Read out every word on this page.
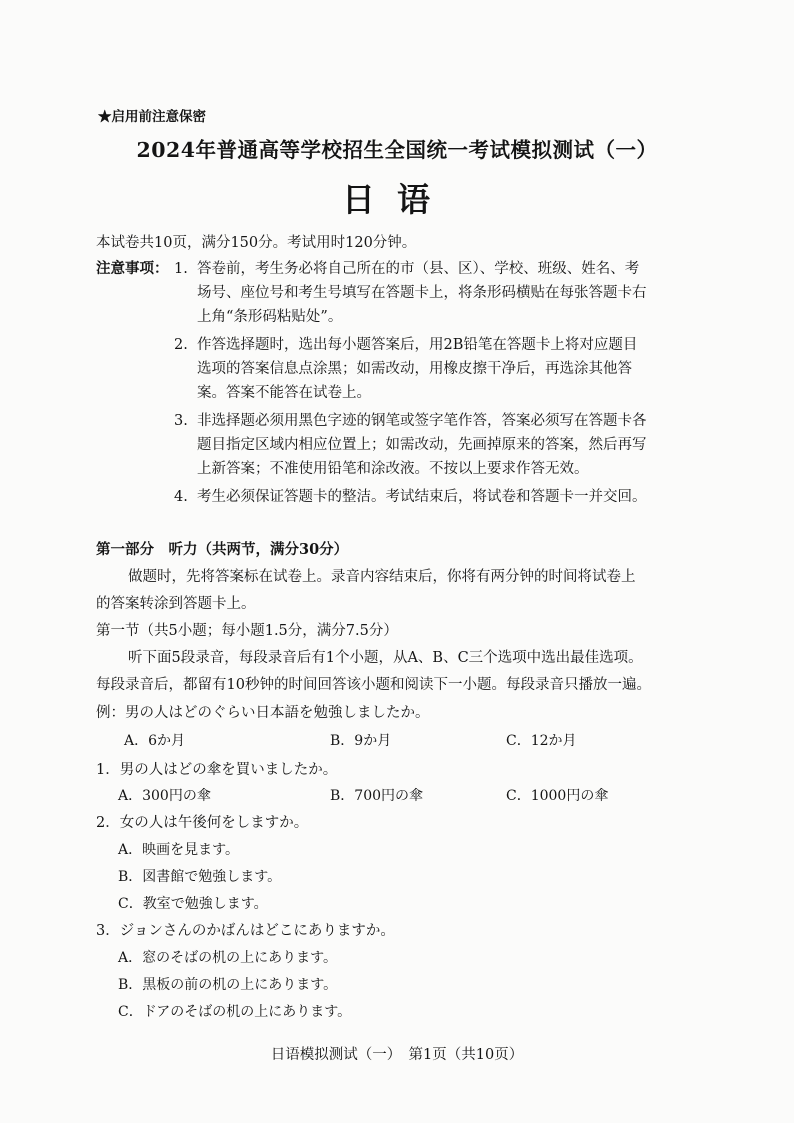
★启用前注意保密
2024年普通高等学校招生全国统一考试模拟测试（一）
日语
本试卷共10页，满分150分。考试用时120分钟。
注意事项： 1. 答卷前，考生务必将自己所在的市（县、区）、学校、班级、姓名、考
场号、座位号和考生号填写在答题卡上，将条形码横贴在每张答题卡右
上角“条形码粘贴处”。
2. 作答选择题时，选出每小题答案后，用2B铅笔在答题卡上将对应题目
选项的答案信息点涂黑；如需改动，用橡皮擦干净后，再选涂其他答
案。答案不能答在试卷上。
3. 非选择题必须用黑色字迹的钢笔或签字笔作答，答案必须写在答题卡各
题目指定区域内相应位置上；如需改动，先画掉原来的答案，然后再写
上新答案；不准使用铅笔和涂改液。不按以上要求作答无效。
4. 考生必须保证答题卡的整洁。考试结束后，将试卷和答题卡一并交回。
第一部分　听力（共两节，满分30分）
做题时，先将答案标在试卷上。录音内容结束后，你将有两分钟的时间将试卷上
的答案转涂到答题卡上。
第一节（共5小题；每小题1.5分，满分7.5分）
听下面5段录音，每段录音后有1个小题，从A、B、C三个选项中选出最佳选项。
每段录音后，都留有10秒钟的时间回答该小题和阅读下一小题。每段录音只播放一遍。
例：男の人はどのぐらい日本語を勉強しましたか。
A．6か月	B．9か月	C．12か月
1．男の人はどの傘を買いましたか。
A．300円の傘	B．700円の傘	C．1000円の傘
2．女の人は午後何をしますか。
A．映画を見ます。
B．図書館で勉強します。
C．教室で勉強します。
3．ジョンさんのかばんはどこにありますか。
A．窓のそばの机の上にあります。
B．黒板の前の机の上にあります。
C．ドアのそばの机の上にあります。
日语模拟测试（一）　第1页（共10页）
